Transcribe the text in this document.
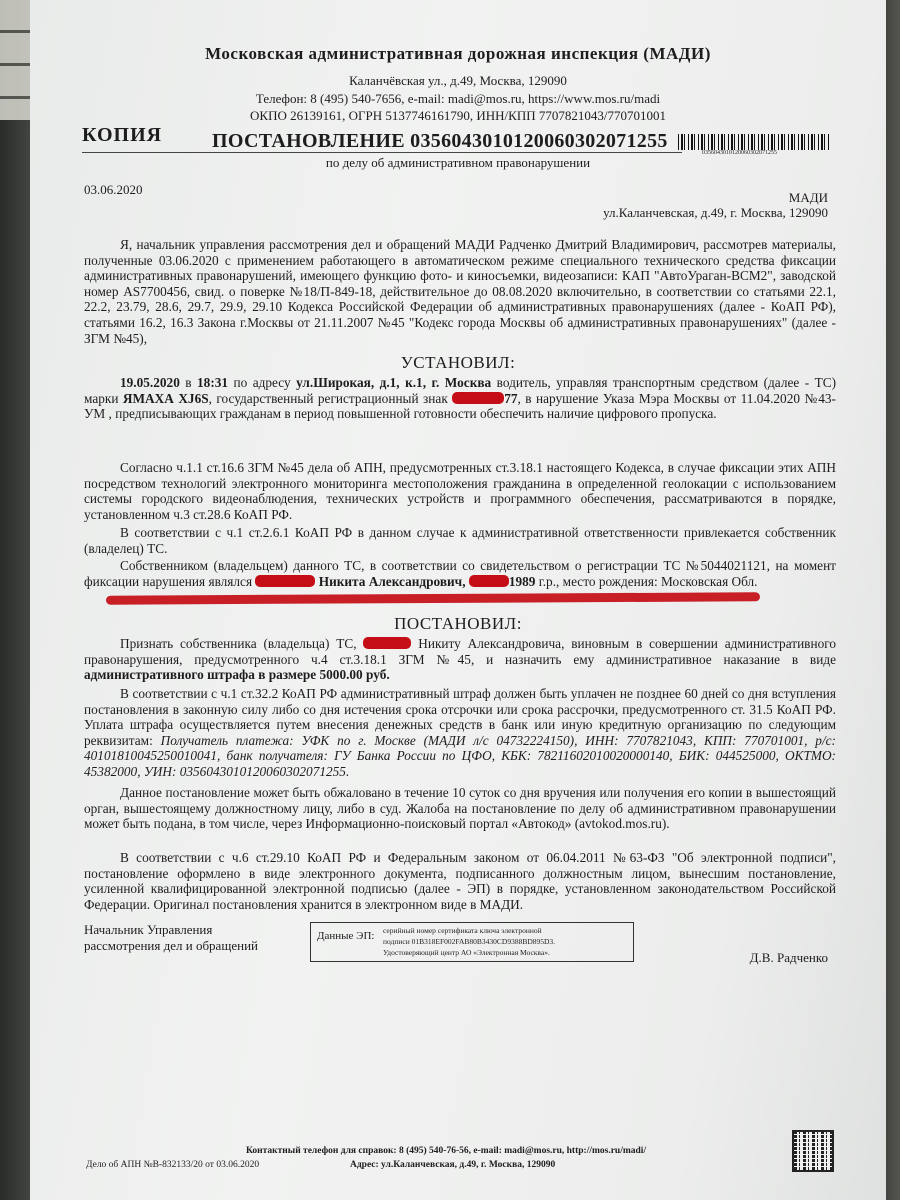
Московская административная дорожная инспекция (МАДИ)
Каланчёвская ул., д.49, Москва, 129090
Телефон: 8 (495) 540-7656, e-mail: madi@mos.ru, https://www.mos.ru/madi
ОКПО 26139161, ОГРН 5137746161790, ИНН/КПП 7707821043/770701001
КОПИЯ ПОСТАНОВЛЕНИЕ 0356043010120060302071255
0356043010120060302071255
по делу об административном правонарушении
03.06.2020
МАДИ
ул.Каланчевская, д.49, г. Москва, 129090
Я, начальник управления рассмотрения дел и обращений МАДИ Радченко Дмитрий Владимирович, рассмотрев материалы, полученные 03.06.2020 с применением работающего в автоматическом режиме специального технического средства фиксации административных правонарушений, имеющего функцию фото- и киносъемки, видеозаписи: КАП "АвтоУраган-ВСМ2", заводской номер AS7700456, свид. о поверке №18/П-849-18, действительное до 08.08.2020 включительно, в соответствии со статьями 22.1, 22.2, 23.79, 28.6, 29.7, 29.9, 29.10 Кодекса Российской Федерации об административных правонарушениях (далее - КоАП РФ), статьями 16.2, 16.3 Закона г.Москвы от 21.11.2007 №45 "Кодекс города Москвы об административных правонарушениях" (далее - ЗГМ №45),
УСТАНОВИЛ:
19.05.2020 в 18:31 по адресу ул.Широкая, д.1, к.1, г. Москва водитель, управляя транспортным средством (далее - ТС) марки ЯМАХА XJ6S, государственный регистрационный знак	77, в нарушение Указа Мэра Москвы от 11.04.2020 №43-УМ , предписывающих гражданам в период повышенной готовности обеспечить наличие цифрового пропуска.
Согласно ч.1.1 ст.16.6 ЗГМ №45 дела об АПН, предусмотренных ст.3.18.1 настоящего Кодекса, в случае фиксации этих АПН посредством технологий электронного мониторинга местоположения гражданина в определенной геолокации с использованием системы городского видеонаблюдения, технических устройств и программного обеспечения, рассматриваются в порядке, установленном ч.3 ст.28.6 КоАП РФ.
В соответствии с ч.1 ст.2.6.1 КоАП РФ в данном случае к административной ответственности привлекается собственник (владелец) ТС.
Собственником (владельцем) данного ТС, в соответствии со свидетельством о регистрации ТС №5044021121, на момент фиксации нарушения являлся	Никита Александрович,	1989 г.р., место рождения: Московская Обл.
ПОСТАНОВИЛ:
Признать собственника (владельца) ТС,	Никиту Александровича, виновным в совершении административного правонарушения, предусмотренного ч.4 ст.3.18.1 ЗГМ №45, и назначить ему административное наказание в виде административного штрафа в размере 5000.00 руб.
В соответствии с ч.1 ст.32.2 КоАП РФ административный штраф должен быть уплачен не позднее 60 дней со дня вступления постановления в законную силу либо со дня истечения срока отсрочки или срока рассрочки, предусмотренного ст. 31.5 КоАП РФ. Уплата штрафа осуществляется путем внесения денежных средств в банк или иную кредитную организацию по следующим реквизитам: Получатель платежа: УФК по г. Москве (МАДИ л/с 04732224150), ИНН: 7707821043, КПП: 770701001, р/с: 40101810045250010041, банк получателя: ГУ Банка России по ЦФО, КБК: 78211602010020000140, БИК: 044525000, ОКТМО: 45382000, УИН: 0356043010120060302071255.
Данное постановление может быть обжаловано в течение 10 суток со дня вручения или получения его копии в вышестоящий орган, вышестоящему должностному лицу, либо в суд. Жалоба на постановление по делу об административном правонарушении может быть подана, в том числе, через Информационно-поисковый портал «Автокод» (avtokod.mos.ru).
В соответствии с ч.6 ст.29.10 КоАП РФ и Федеральным законом от 06.04.2011 №63-ФЗ "Об электронной подписи", постановление оформлено в виде электронного документа, подписанного должностным лицом, вынесшим постановление, усиленной квалифицированной электронной подписью (далее - ЭП) в порядке, установленном законодательством Российской Федерации. Оригинал постановления хранится в электронном виде в МАДИ.
Начальник Управления
рассмотрения дел и обращений
Данные ЭП: серийный номер сертификата ключа электронной
подписи 01В318EF002FAB80B3430CD9388BD895D3.
Удостоверяющий центр АО «Электронная Москва».	Д.В. Радченко
Контактный телефон для справок: 8 (495) 540-76-56, e-mail: madi@mos.ru, http://mos.ru/madi/
Дело об АПН №В-832133/20 от 03.06.2020	Адрес: ул.Каланчевская, д.49, г. Москва, 129090
